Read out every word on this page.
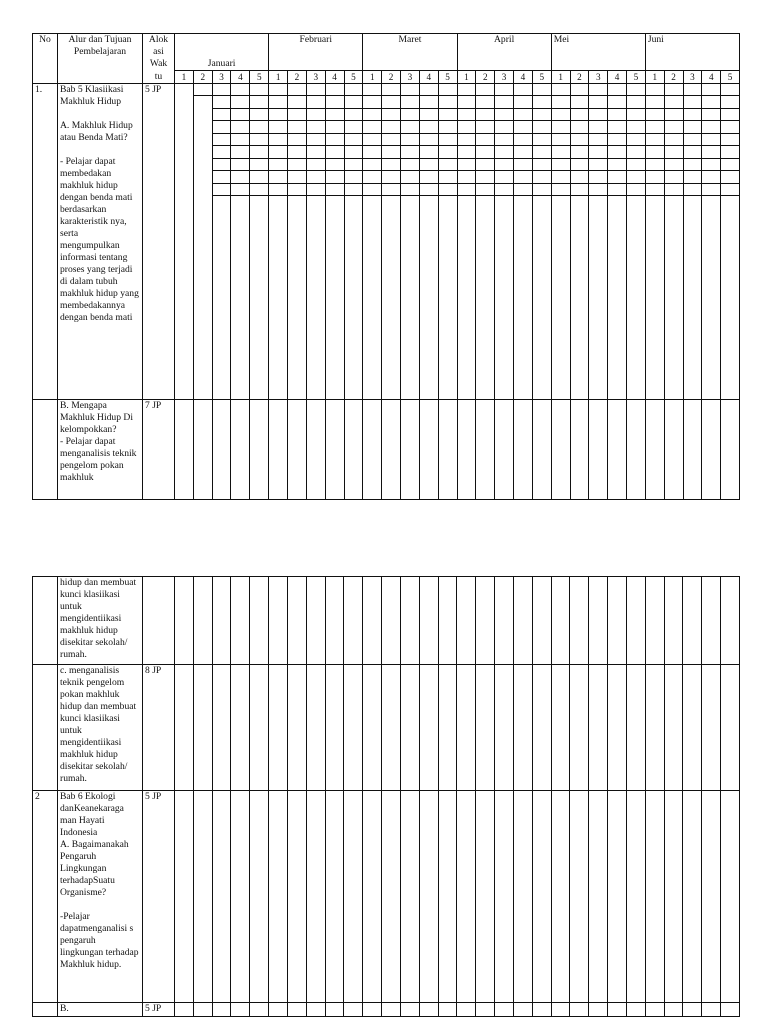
No	Alur dan Tujuan Pembelajaran	Alok
asi
Wak
tu	Januari	Februari	Maret	April	Mei	Juni
1	2	3	4	5	1	2	3	4	5	1	2	3	4	5	1	2	3	4	5	1	2	3	4	5	1	2	3	4	5
1.	Bab 5 Klasiikasi Makhluk Hidup

A. Makhluk Hidup atau Benda Mati?

- Pelajar dapat membedakan makhluk hidup dengan benda mati berdasarkan karakteristik nya, serta mengumpulkan informasi tentang proses yang terjadi di dalam tubuh makhluk hidup yang membedakannya dengan benda mati	5 JP		

	B. Mengapa Makhluk Hidup Di kelompokkan?
- Pelajar dapat menganalisis teknik pengelom pokan makhluk	7 JP																														
	hidup dan membuat kunci klasiikasi untuk mengidentiikasi makhluk hidup disekitar sekolah/ rumah.																															
	c. menganalisis teknik pengelom pokan makhluk hidup dan membuat kunci klasiikasi untuk mengidentiikasi makhluk hidup disekitar sekolah/ rumah.	8 JP																														
2	Bab 6 Ekologi danKeanekaraga man Hayati Indonesia
A. Bagaimanakah Pengaruh Lingkungan terhadapSuatu Organisme?

-Pelajar dapatmenganalisi s pengaruh lingkungan terhadap Makhluk hidup.	5 JP																														
	B.	5 JP																														
